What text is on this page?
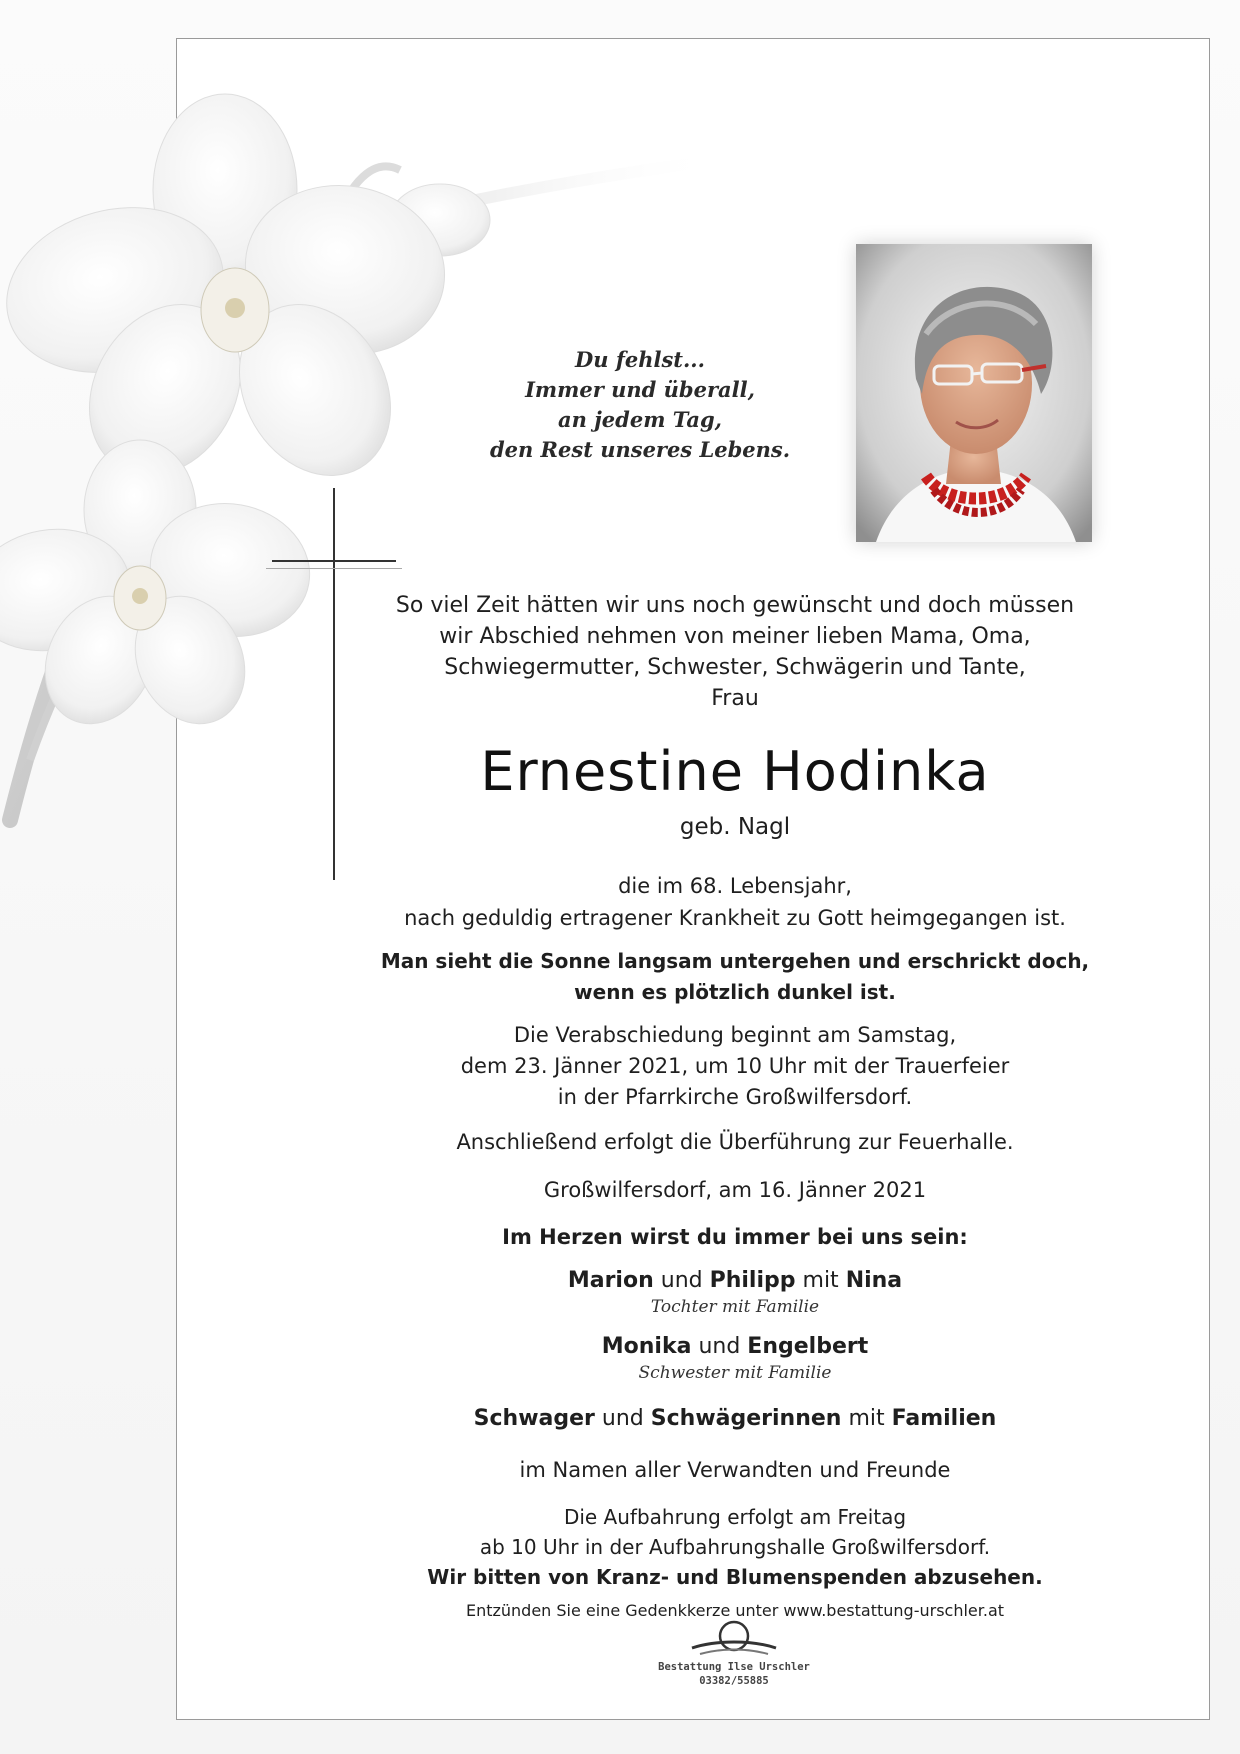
Du fehlst...
Immer und überall,
an jedem Tag,
den Rest unseres Lebens.
So viel Zeit hätten wir uns noch gewünscht und doch müssen
wir Abschied nehmen von meiner lieben Mama, Oma,
Schwiegermutter, Schwester, Schwägerin und Tante,
Frau
Ernestine Hodinka
geb. Nagl
die im 68. Lebensjahr,
nach geduldig ertragener Krankheit zu Gott heimgegangen ist.
Man sieht die Sonne langsam untergehen und erschrickt doch,
wenn es plötzlich dunkel ist.
Die Verabschiedung beginnt am Samstag,
dem 23. Jänner 2021, um 10 Uhr mit der Trauerfeier
in der Pfarrkirche Großwilfersdorf.
Anschließend erfolgt die Überführung zur Feuerhalle.
Großwilfersdorf, am 16. Jänner 2021
Im Herzen wirst du immer bei uns sein:
Marion und Philipp mit Nina
Tochter mit Familie
Monika und Engelbert
Schwester mit Familie
Schwager und Schwägerinnen mit Familien
im Namen aller Verwandten und Freunde
Die Aufbahrung erfolgt am Freitag
ab 10 Uhr in der Aufbahrungshalle Großwilfersdorf.
Wir bitten von Kranz- und Blumenspenden abzusehen.
Entzünden Sie eine Gedenkkerze unter www.bestattung-urschler.at
Bestattung Ilse Urschler
03382/55885
